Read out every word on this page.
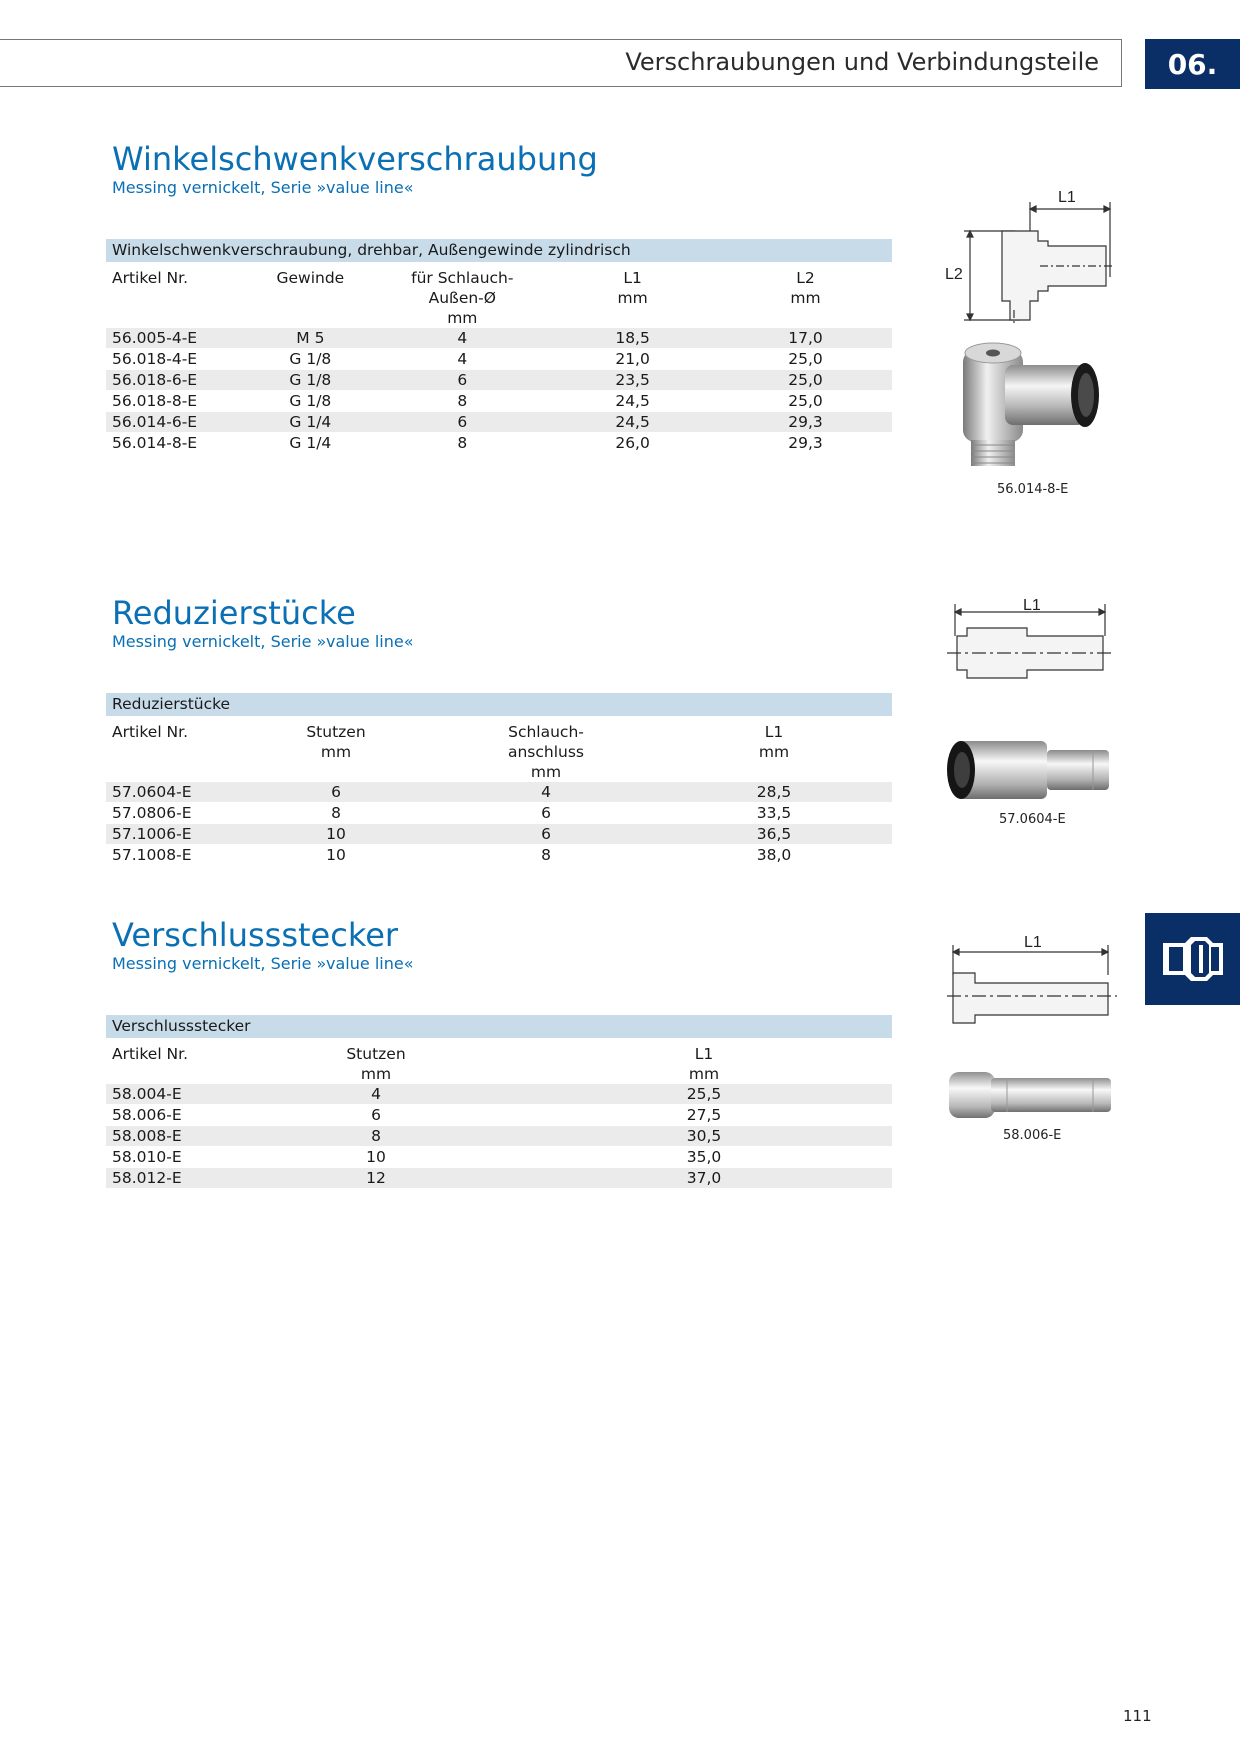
Verschraubungen und Verbindungsteile	06.
Winkelschwenkverschraubung
Messing vernickelt, Serie »value line«
Winkelschwenkverschraubung, drehbar, Außengewinde zylindrisch				

Artikel Nr.	Gewinde	für Schlauch-	L1	L2
		Außen-Ø	mm	mm
		mm		
56.005-4-E	M 5	4	18,5	17,0
56.018-4-E	G 1/8	4	21,0	25,0
56.018-6-E	G 1/8	6	23,5	25,0
56.018-8-E	G 1/8	8	24,5	25,0
56.014-6-E	G 1/4	6	24,5	29,3
56.014-8-E	G 1/4	8	26,0	29,3
L1
L2
56.014-8-E
Reduzierstücke
Messing vernickelt, Serie »value line«
Reduzierstücke			

Artikel Nr.	Stutzen	Schlauch-	L1
	mm	anschluss	mm
		mm	
57.0604-E	6	4	28,5
57.0806-E	8	6	33,5
57.1006-E	10	6	36,5
57.1008-E	10	8	38,0
L1
57.0604-E
Verschlussstecker
Messing vernickelt, Serie »value line«
Verschlussstecker		

Artikel Nr.	Stutzen	L1
	mm	mm
58.004-E	4	25,5
58.006-E	6	27,5
58.008-E	8	30,5
58.010-E	10	35,0
58.012-E	12	37,0
L1
58.006-E
111
